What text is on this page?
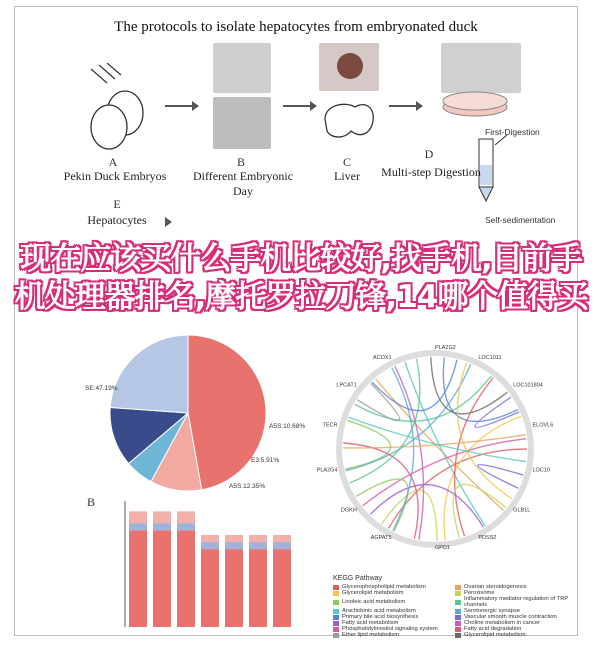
The protocols to isolate hepatocytes from embryonated duck
A
Pekin Duck Embryos
B
Different Embryonic Day
C
Liver
First-Digestion
D
Multi-step Digestion
Self-sedimentation
E
Hepatocytes
SE:47.19%
A5S:10.68%
E3:5.91%
A5S:12.35%
B
PLA2G2
LOC1011
LOC101804
ELOVL6
LOC10
GLB1L
PDSS2
GPD1
AGPAT5
DGKH
PLA2G4
TECR
LPCAT1
ACOX1
KEGG Pathway
Glycerophospholipid metabolism	Ovarian steroidogenesis
Glycerolipid metabolism	Peroxisome
Linoleic acid metabolism	Inflammatory mediator regulation of TRP channels
Arachidonic acid metabolism	Serotonergic synapse
Primary bile acid biosynthesis	Vascular smooth muscle contraction
Fatty acid metabolism	Choline metabolism in cancer
Phosphatidylinositol signaling system	Fatty acid degradation
Ether lipid metabolism	Glycerolipid metabolism
现在应该买什么手机比较好,找手机,目前手机处理器排名,摩托罗拉刀锋,14哪个值得买
